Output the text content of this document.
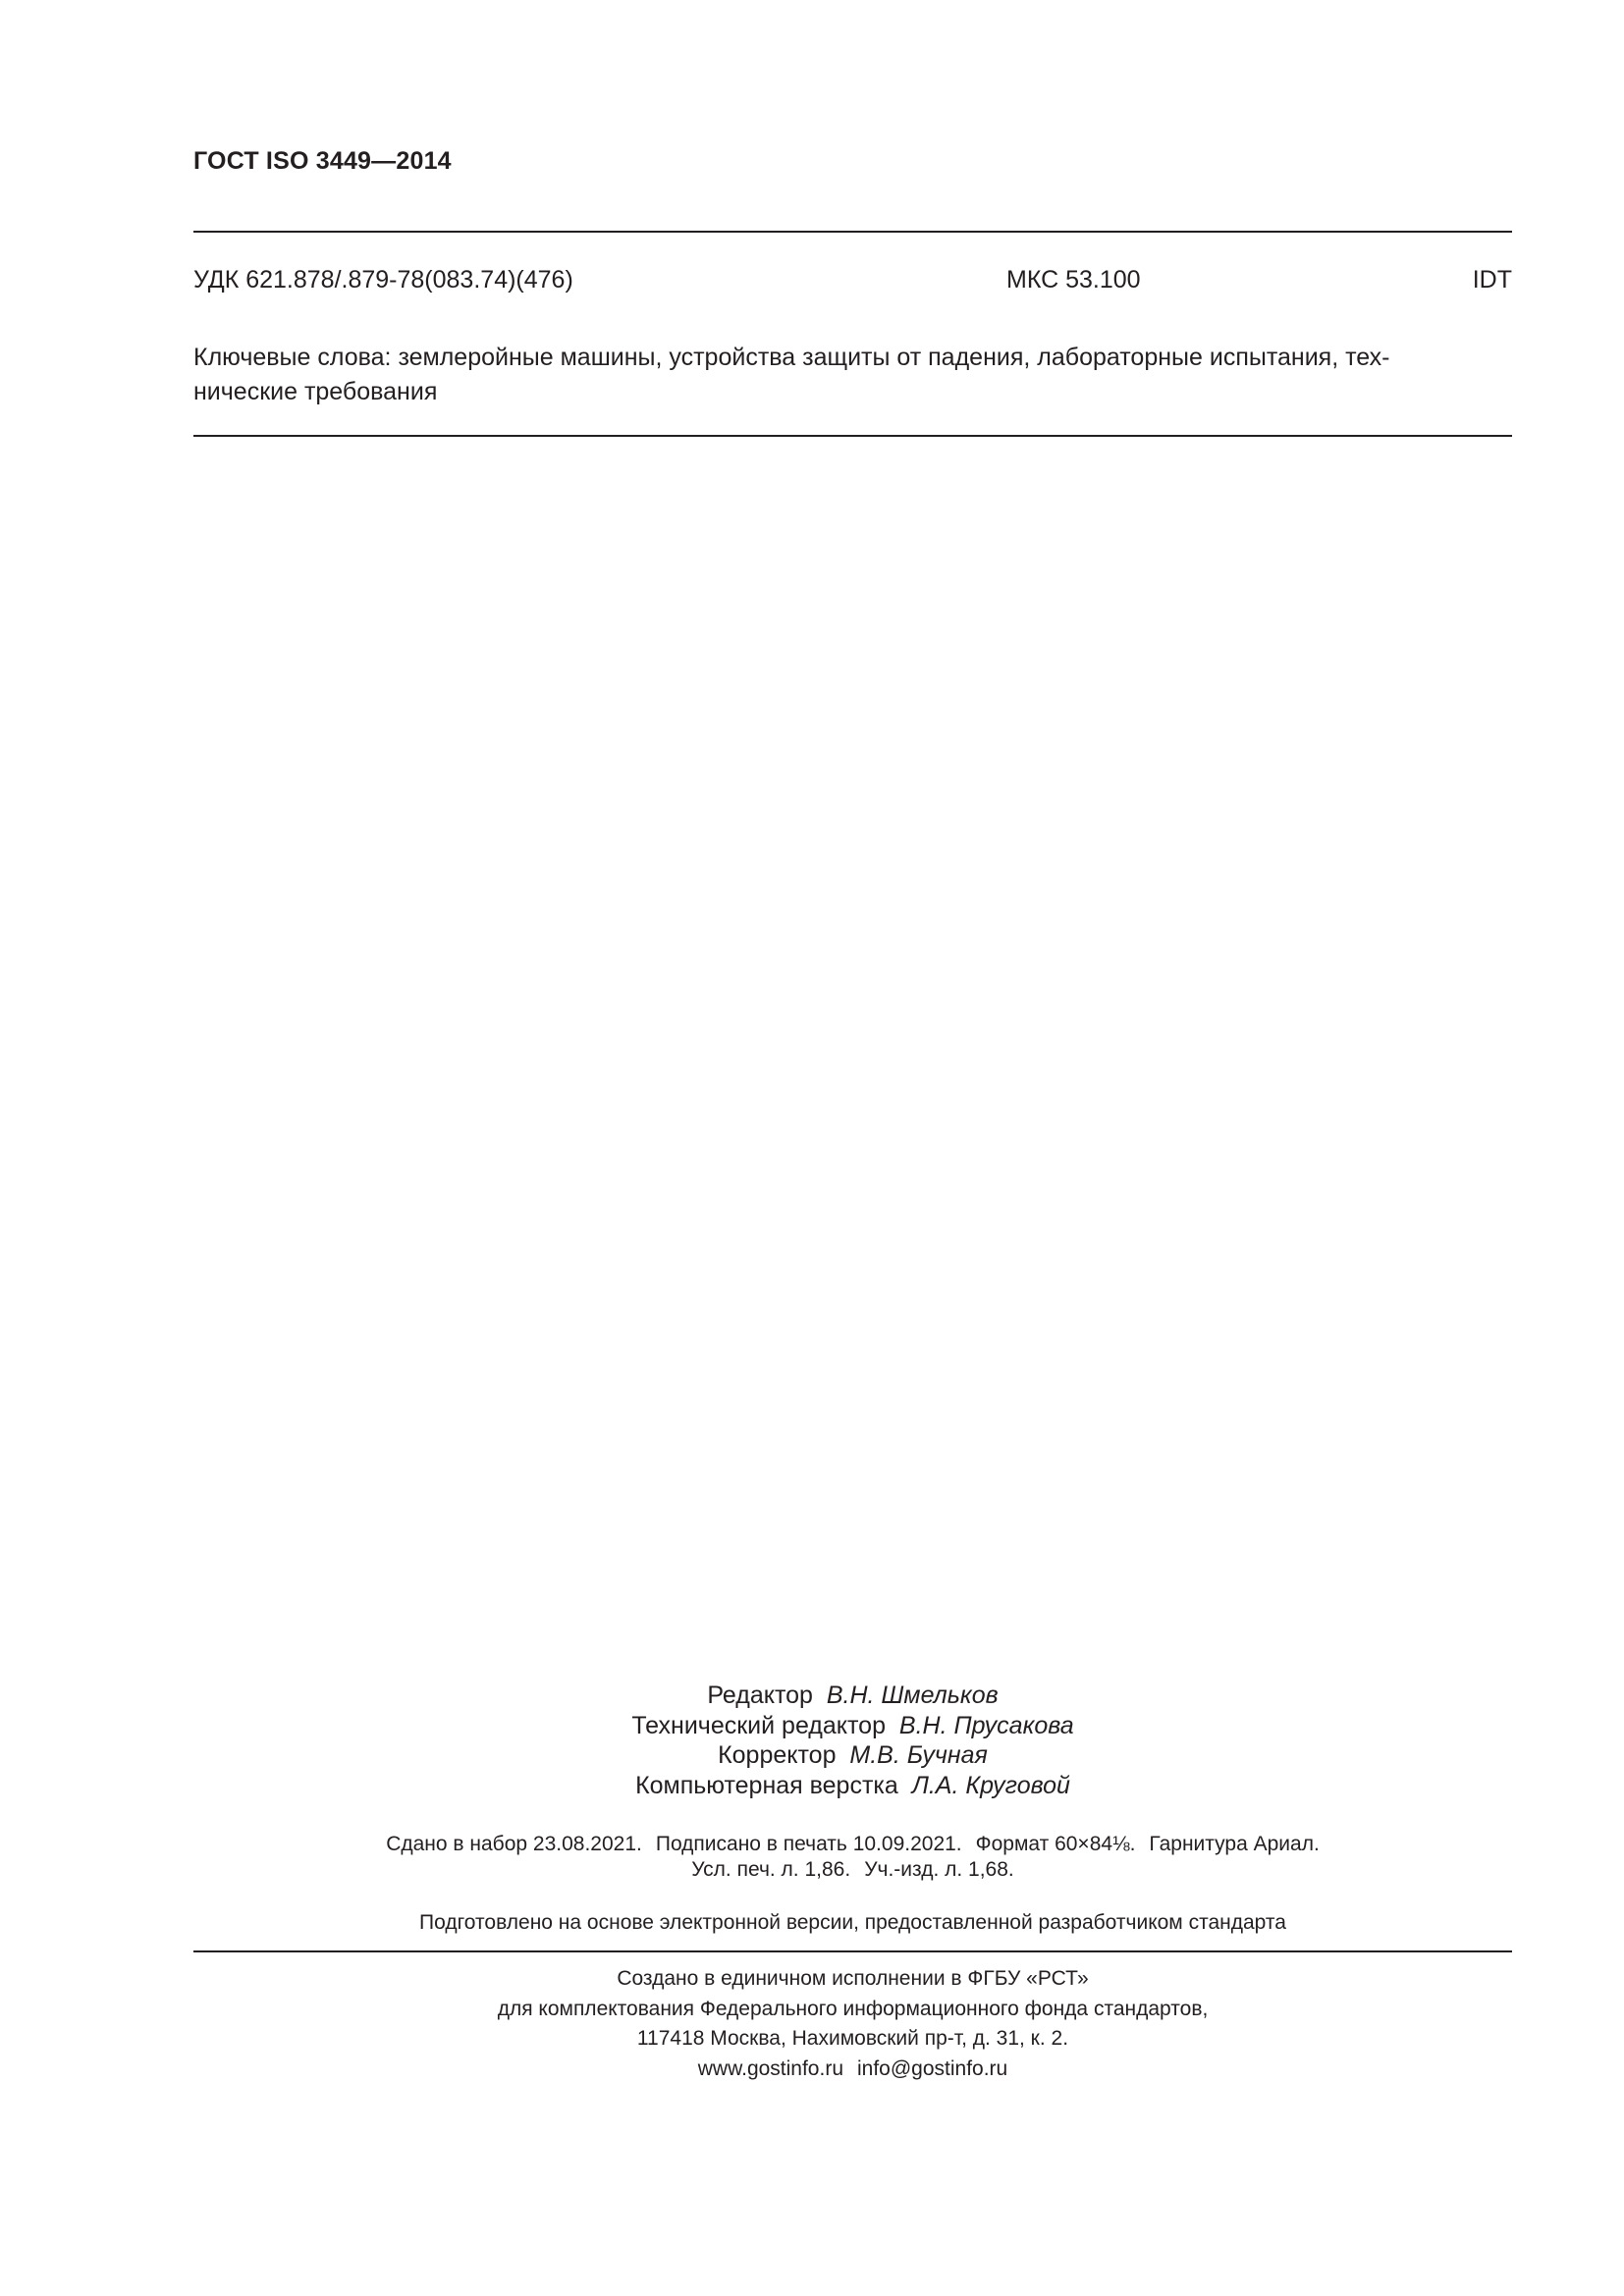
ГОСТ ISO 3449—2014
УДК 621.878/.879-78(083.74)(476)	МКС 53.100	IDT
Ключевые слова: землеройные машины, устройства защиты от падения, лабораторные испытания, тех-
нические требования
Редактор В.Н. Шмельков
Технический редактор В.Н. Прусакова
Корректор М.В. Бучная
Компьютерная верстка Л.А. Круговой
Сдано в набор 23.08.2021. Подписано в печать 10.09.2021. Формат 60×84⅛. Гарнитура Ариал.
Усл. печ. л. 1,86. Уч.-изд. л. 1,68.
Подготовлено на основе электронной версии, предоставленной разработчиком стандарта
Создано в единичном исполнении в ФГБУ «РСТ»
для комплектования Федерального информационного фонда стандартов,
117418 Москва, Нахимовский пр-т, д. 31, к. 2.
www.gostinfo.ru info@gostinfo.ru
